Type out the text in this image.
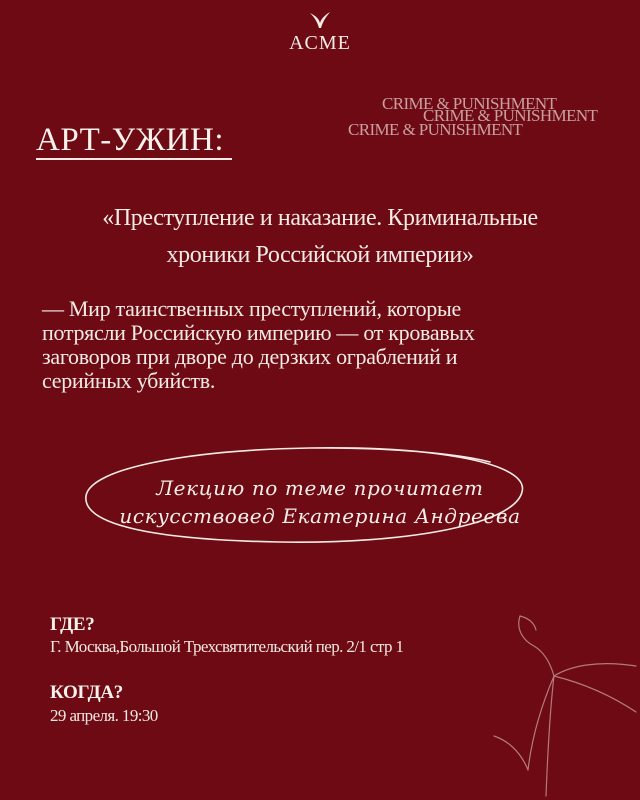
ACME
CRIME & PUNISHMENT
CRIME & PUNISHMENT
CRIME & PUNISHMENT
АРТ-УЖИН:
«Преступление и наказание. Криминальные
хроники Российской империи»
— Мир таинственных преступлений, которые
потрясли Российскую империю — от кровавых
заговоров при дворе до дерзких ограблений и
серийных убийств.
Лекцию по теме прочитает
искусствовед Екатерина Андреева
ГДЕ?
Г. Москва,Большой Трехсвятительский пер. 2/1 стр 1
КОГДА?
29 апреля. 19:30
